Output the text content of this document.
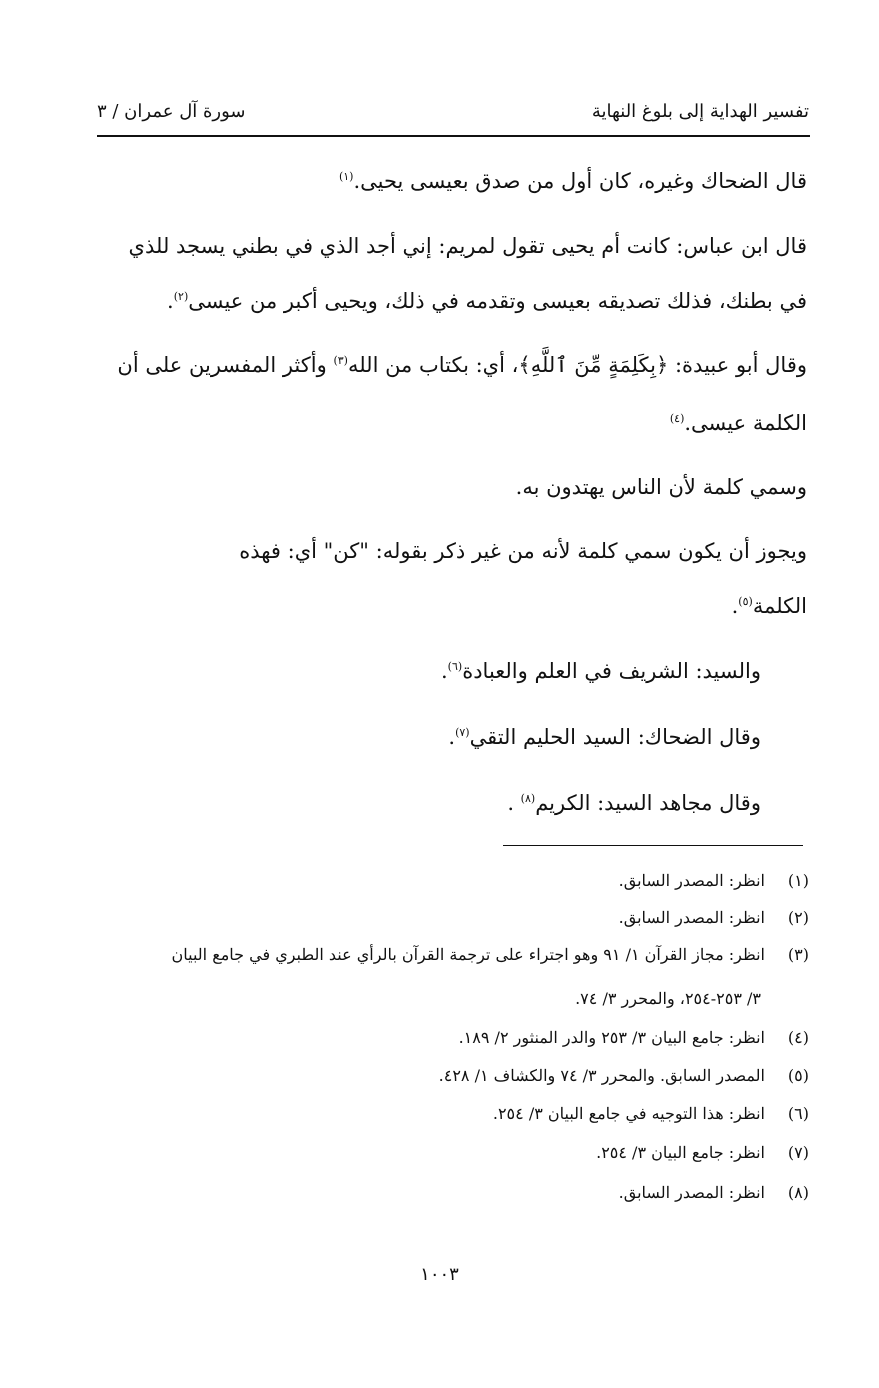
تفسير الهداية إلى بلوغ النهاية
سورة آل عمران / ٣

قال الضحاك وغيره، كان أول من صدق بعيسى يحيى.$^{(١)}$

قال ابن عباس: كانت أم يحيى تقول لمريم: إني أجد الذي في بطني يسجد للذي

في بطنك، فذلك تصديقه بعيسى وتقدمه في ذلك، ويحيى أكبر من عيسى$^{(٢)}$.

وقال أبو عبيدة: ﴿بِكَلِمَةٍ مِّنَ ٱللَّهِ﴾، أي: بكتاب من الله$^{(٣)}$ وأكثر المفسرين على أن

الكلمة عيسى.$^{(٤)}$

وسمي كلمة لأن الناس يهتدون به.

ويجوز أن يكون سمي كلمة لأنه من غير ذكر بقوله: "كن" أي: فهذه

الكلمة$^{(٥)}$.

والسيد: الشريف في العلم والعبادة$^{(٦)}$.

وقال الضحاك: السيد الحليم التقي$^{(٧)}$.

وقال مجاهد السيد: الكريم$^{(٨)}$ .

(١)
انظر: المصدر السابق.
(٢)
انظر: المصدر السابق.
(٣)
انظر: مجاز القرآن ١/ ٩١ وهو اجتراء على ترجمة القرآن بالرأي عند الطبري في جامع البيان
٣/ ٢٥٣-٢٥٤، والمحرر ٣/ ٧٤.
(٤)
انظر: جامع البيان ٣/ ٢٥٣ والدر المنثور ٢/ ١٨٩.
(٥)
المصدر السابق. والمحرر ٣/ ٧٤ والكشاف ١/ ٤٢٨.
(٦)
انظر: هذا التوجيه في جامع البيان ٣/ ٢٥٤.
(٧)
انظر: جامع البيان ٣/ ٢٥٤.
(٨)
انظر: المصدر السابق.
١٠٠٣
